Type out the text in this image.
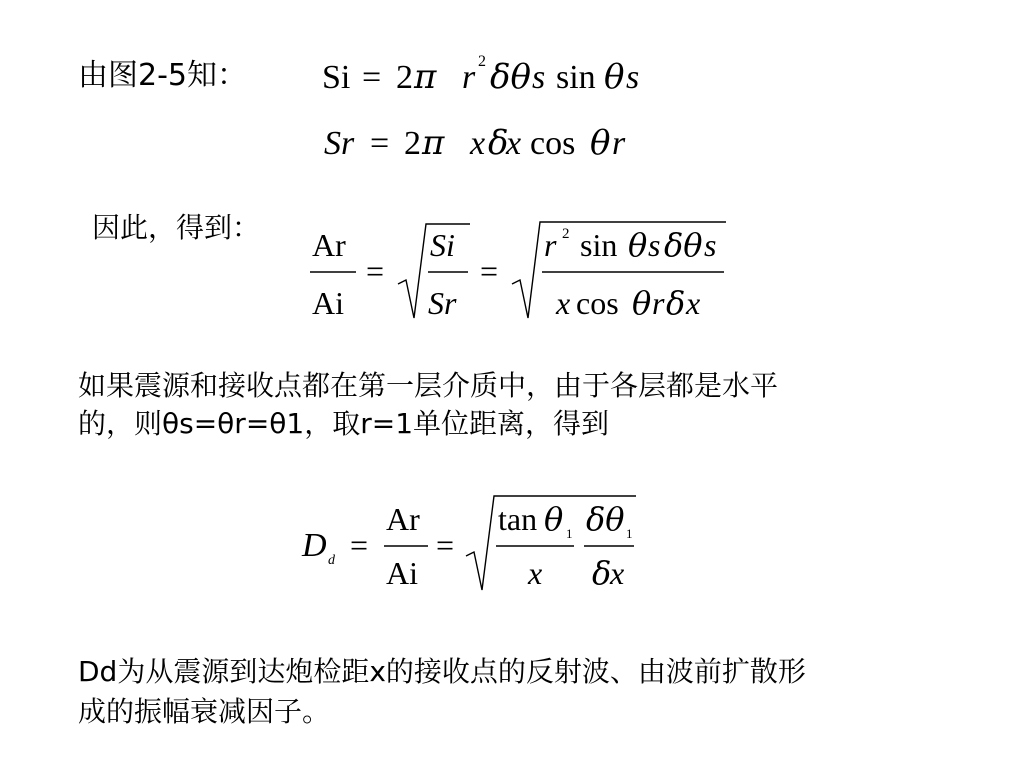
由图2-5知：
因此，得到：
如果震源和接收点都在第一层介质中，由于各层都是水平
的，则θs=θr=θ1，取r=1单位距离，得到
Dd为从震源到达炮检距x的接收点的反射波、由波前扩散形
成的振幅衰减因子。
Si = 2 π r 2 δθ s sin θ s
Sr = 2 π x δ
x cos θ r
Ar
Ai
=
Si
Sr
=
r 2 sin θ s δθ s
x cos θ r δ x
D d =
Ar
Ai
=
tan θ 1
x
δθ 1
δ
x
